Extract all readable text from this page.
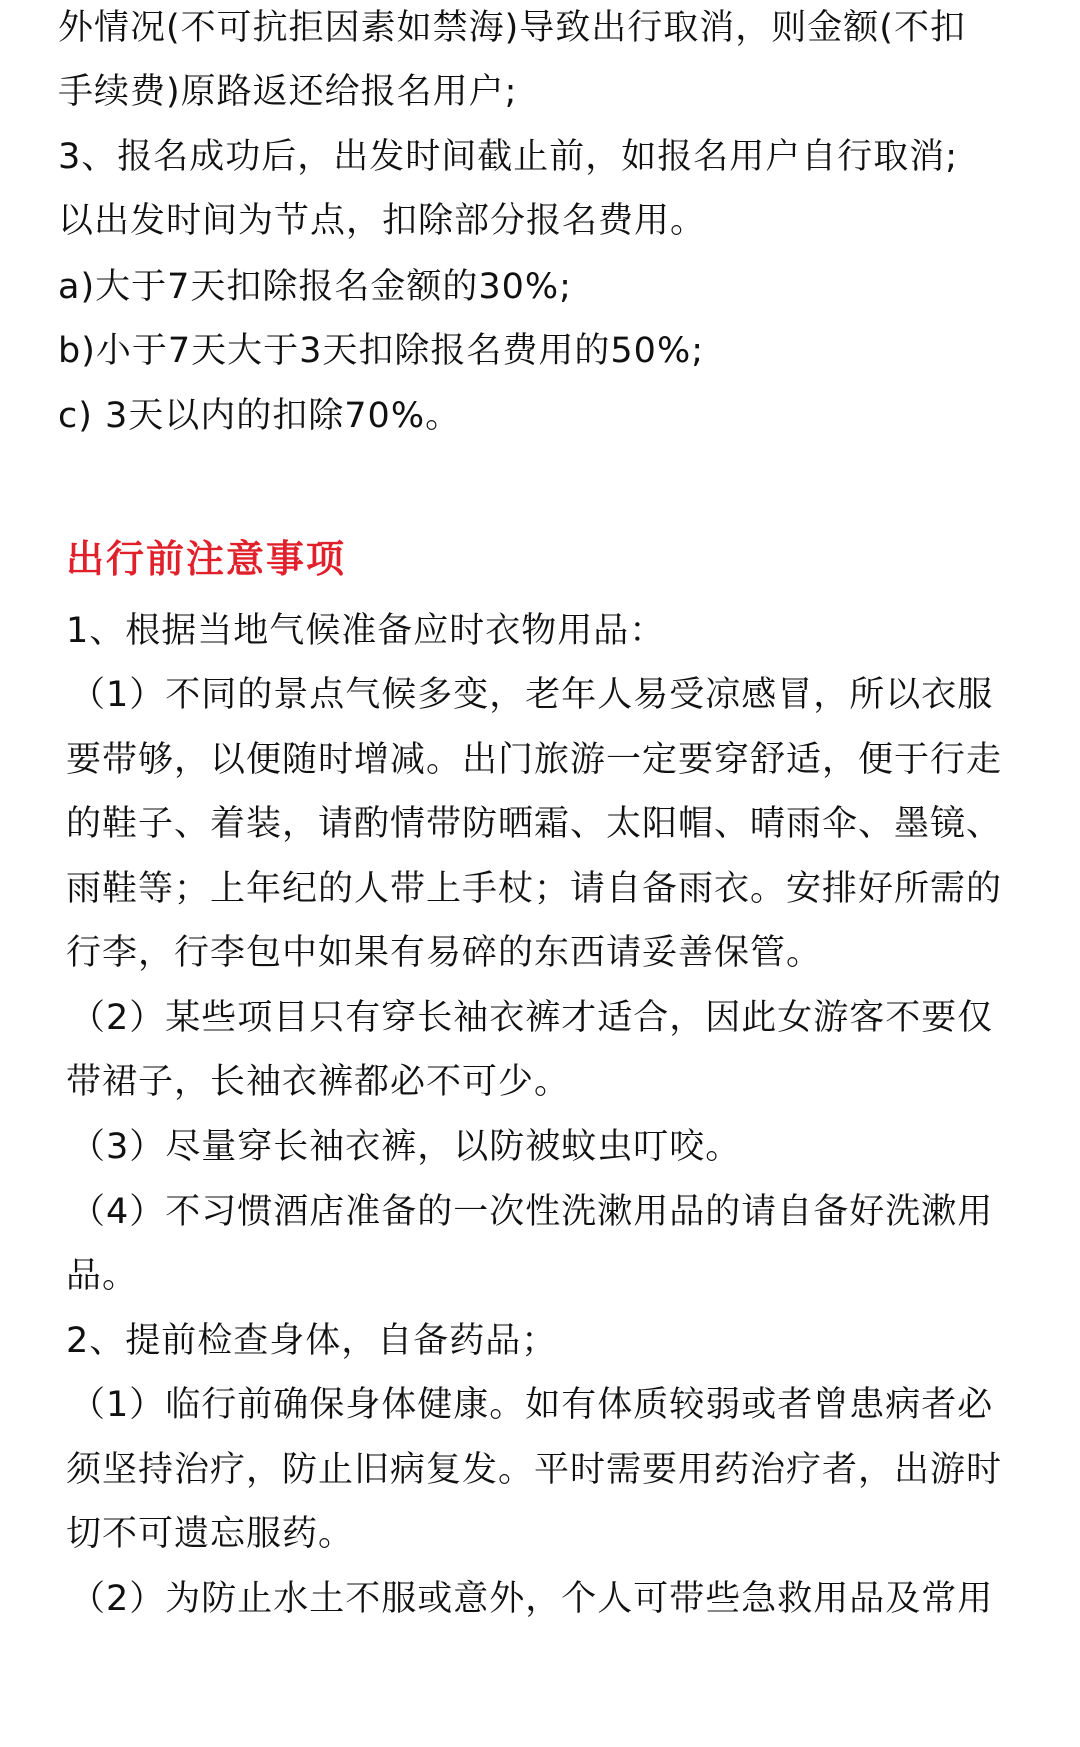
外情况(不可抗拒因素如禁海)导致出行取消，则金额(不扣
手续费)原路返还给报名用户;
3、报名成功后，出发时间截止前，如报名用户自行取消;
以出发时间为节点，扣除部分报名费用。
a)大于7天扣除报名金额的30%;
b)小于7天大于3天扣除报名费用的50%;
c) 3天以内的扣除70%。
出行前注意事项
1、根据当地气候准备应时衣物用品：
（1）不同的景点气候多变，老年人易受凉感冒，所以衣服
要带够，以便随时增减。出门旅游一定要穿舒适，便于行走
的鞋子、着装，请酌情带防晒霜、太阳帽、晴雨伞、墨镜、
雨鞋等；上年纪的人带上手杖；请自备雨衣。安排好所需的
行李，行李包中如果有易碎的东西请妥善保管。
（2）某些项目只有穿长袖衣裤才适合，因此女游客不要仅
带裙子，长袖衣裤都必不可少。
（3）尽量穿长袖衣裤，以防被蚊虫叮咬。
（4）不习惯酒店准备的一次性洗漱用品的请自备好洗漱用
品。
2、提前检查身体，自备药品；
（1）临行前确保身体健康。如有体质较弱或者曾患病者必
须坚持治疗，防止旧病复发。平时需要用药治疗者，出游时
切不可遗忘服药。
（2）为防止水土不服或意外，个人可带些急救用品及常用
